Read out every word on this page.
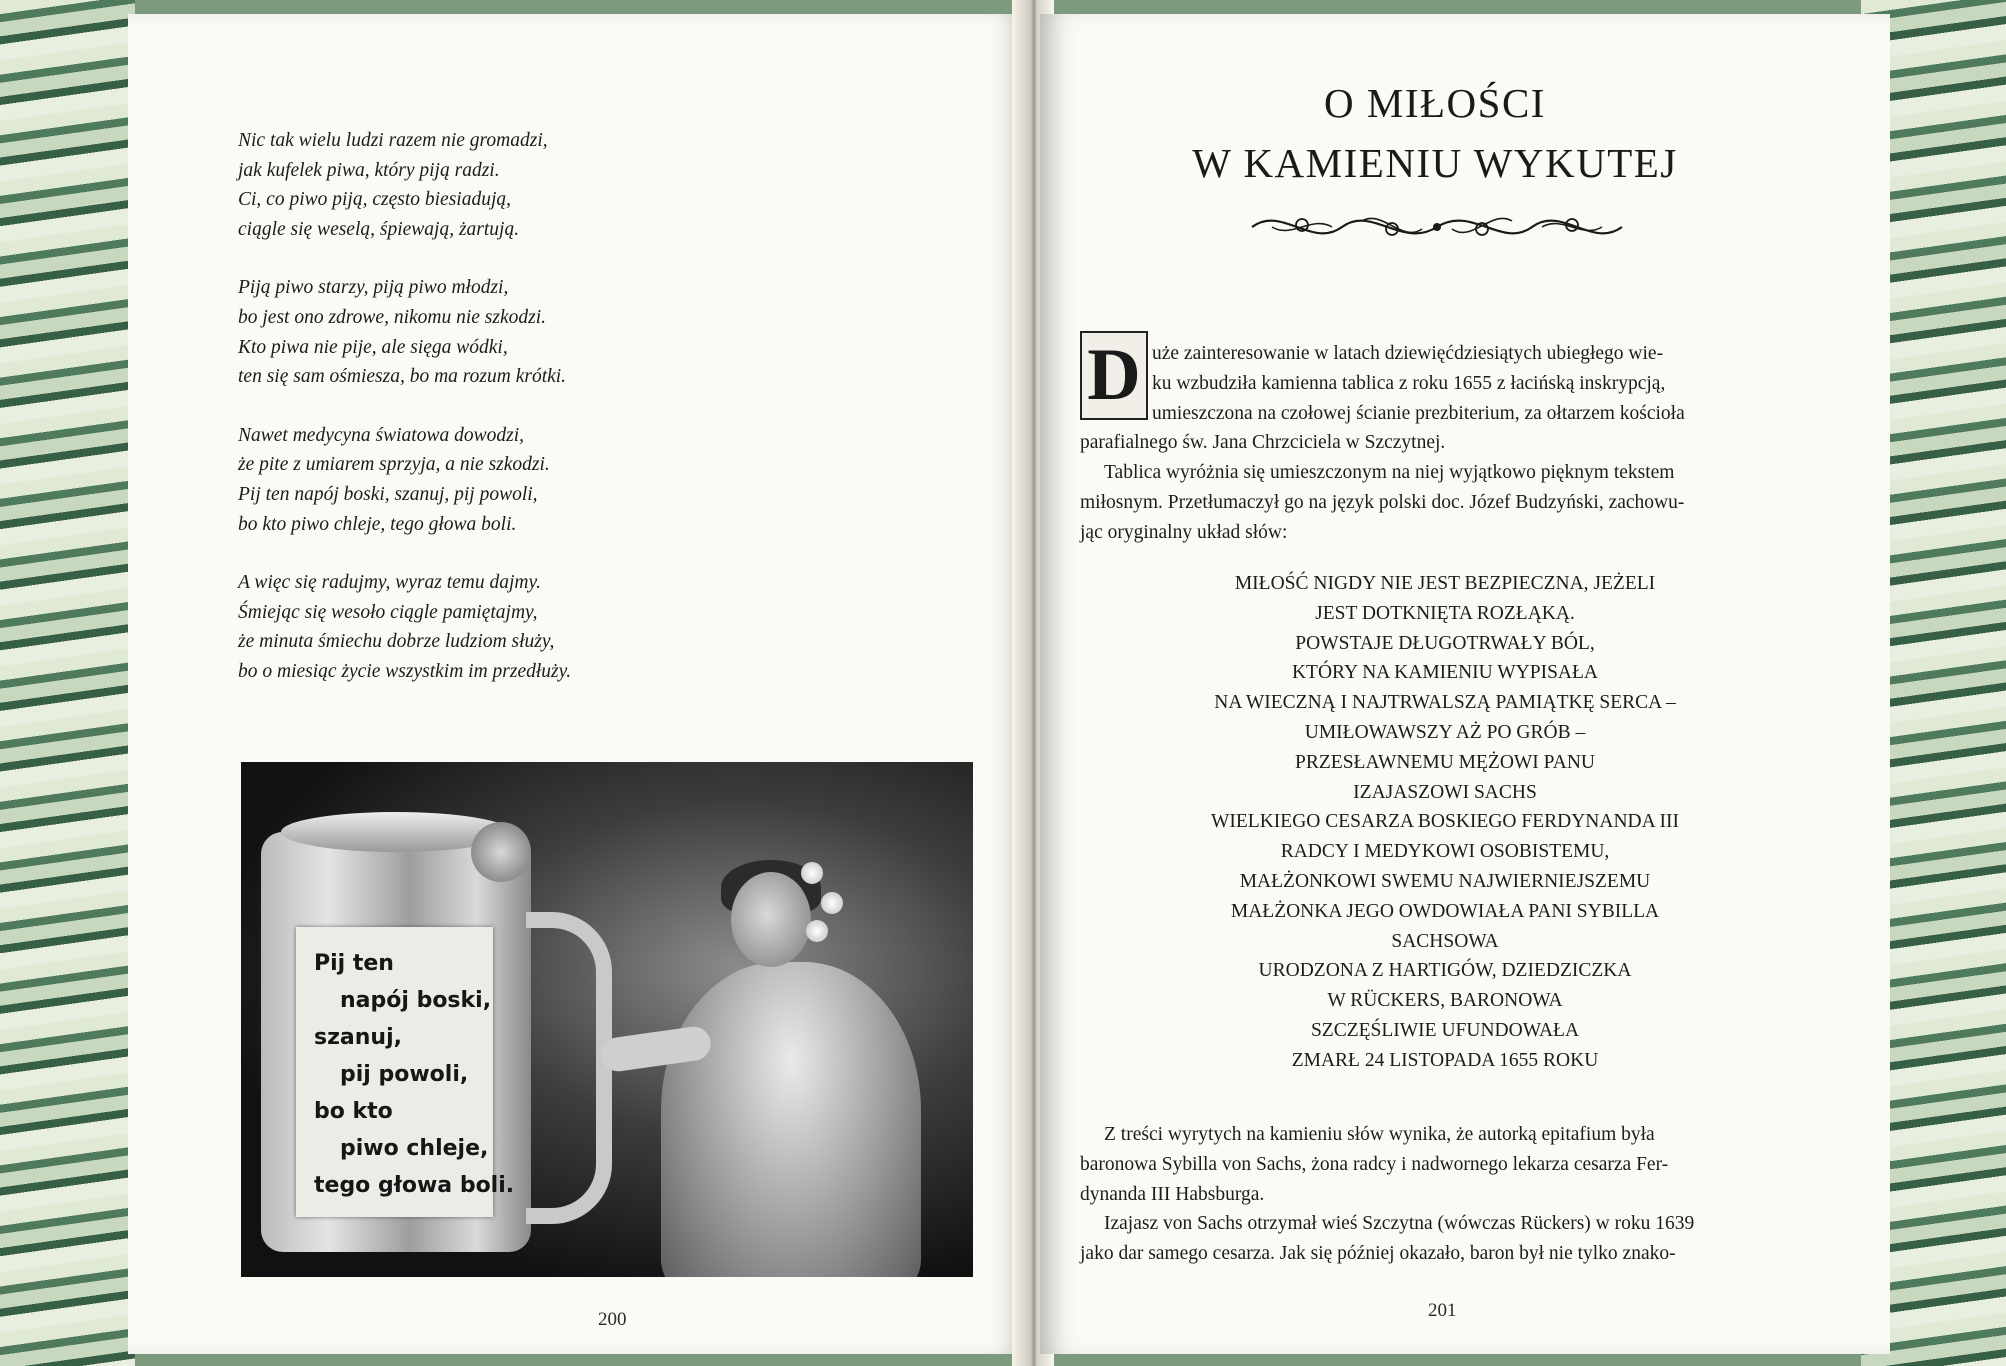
Nic tak wielu ludzi razem nie gromadzi,
jak kufelek piwa, który piją radzi.
Ci, co piwo piją, często biesiadują,
ciągle się weselą, śpiewają, żartują.
Piją piwo starzy, piją piwo młodzi,
bo jest ono zdrowe, nikomu nie szkodzi.
Kto piwa nie pije, ale sięga wódki,
ten się sam ośmiesza, bo ma rozum krótki.
Nawet medycyna światowa dowodzi,
że pite z umiarem sprzyja, a nie szkodzi.
Pij ten napój boski, szanuj, pij powoli,
bo kto piwo chleje, tego głowa boli.
A więc się radujmy, wyraz temu dajmy.
Śmiejąc się wesoło ciągle pamiętajmy,
że minuta śmiechu dobrze ludziom służy,
bo o miesiąc życie wszystkim im przedłuży.
Pij ten
napój boski,
szanuj,
pij powoli,
bo kto
piwo chleje,
tego głowa boli.
200
O MIŁOŚCI
W KAMIENIU WYKUTEJ
D uże zainteresowanie w latach dziewięćdziesiątych ubiegłego wie-
ku wzbudziła kamienna tablica z roku 1655 z łacińską inskrypcją,
umieszczona na czołowej ścianie prezbiterium, za ołtarzem kościoła
parafialnego św. Jana Chrzciciela w Szczytnej.
Tablica wyróżnia się umieszczonym na niej wyjątkowo pięknym tekstem
miłosnym. Przetłumaczył go na język polski doc. Józef Budzyński, zachowu-
jąc oryginalny układ słów:
MIŁOŚĆ NIGDY NIE JEST BEZPIECZNA, JEŻELI
JEST DOTKNIĘTA ROZŁĄKĄ.
POWSTAJE DŁUGOTRWAŁY BÓL,
KTÓRY NA KAMIENIU WYPISAŁA
NA WIECZNĄ I NAJTRWALSZĄ PAMIĄTKĘ SERCA –
UMIŁOWAWSZY AŻ PO GRÓB –
PRZESŁAWNEMU MĘŻOWI PANU
IZAJASZOWI SACHS
WIELKIEGO CESARZA BOSKIEGO FERDYNANDA III
RADCY I MEDYKOWI OSOBISTEMU,
MAŁŻONKOWI SWEMU NAJWIERNIEJSZEMU
MAŁŻONKA JEGO OWDOWIAŁA PANI SYBILLA
SACHSOWA
URODZONA Z HARTIGÓW, DZIEDZICZKA
W RÜCKERS, BARONOWA
SZCZĘŚLIWIE UFUNDOWAŁA
ZMARŁ 24 LISTOPADA 1655 ROKU
Z treści wyrytych na kamieniu słów wynika, że autorką epitafium była
baronowa Sybilla von Sachs, żona radcy i nadwornego lekarza cesarza Fer-
dynanda III Habsburga.
Izajasz von Sachs otrzymał wieś Szczytna (wówczas Rückers) w roku 1639
jako dar samego cesarza. Jak się później okazało, baron był nie tylko znako-
201
